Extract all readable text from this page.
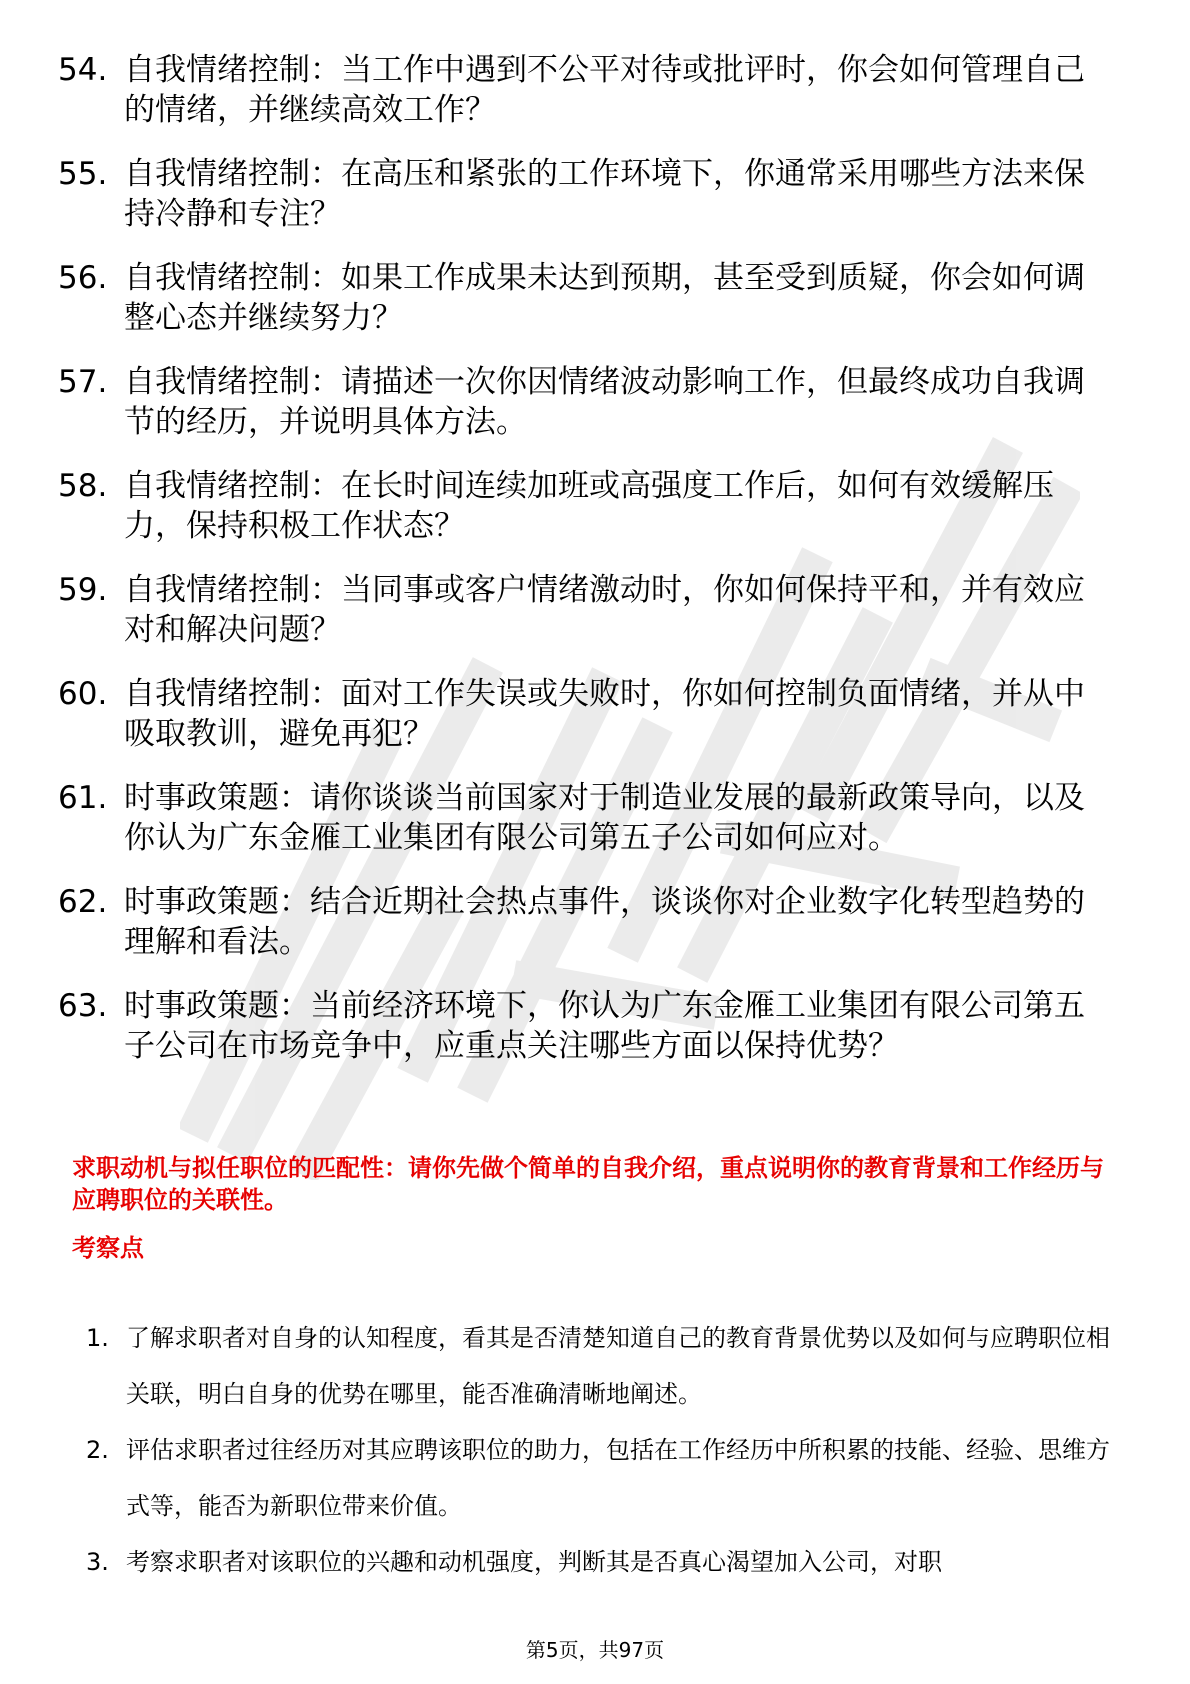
54. 自我情绪控制：当工作中遇到不公平对待或批评时，你会如何管理自己的情绪，并继续高效工作？
55. 自我情绪控制：在高压和紧张的工作环境下，你通常采用哪些方法来保持冷静和专注？
56. 自我情绪控制：如果工作成果未达到预期，甚至受到质疑，你会如何调整心态并继续努力？
57. 自我情绪控制：请描述一次你因情绪波动影响工作，但最终成功自我调节的经历，并说明具体方法。
58. 自我情绪控制：在长时间连续加班或高强度工作后，如何有效缓解压力，保持积极工作状态？
59. 自我情绪控制：当同事或客户情绪激动时，你如何保持平和，并有效应对和解决问题？
60. 自我情绪控制：面对工作失误或失败时，你如何控制负面情绪，并从中吸取教训，避免再犯？
61. 时事政策题：请你谈谈当前国家对于制造业发展的最新政策导向，以及你认为广东金雁工业集团有限公司第五子公司如何应对。
62. 时事政策题：结合近期社会热点事件，谈谈你对企业数字化转型趋势的理解和看法。
63. 时事政策题：当前经济环境下，你认为广东金雁工业集团有限公司第五子公司在市场竞争中，应重点关注哪些方面以保持优势？
求职动机与拟任职位的匹配性：请你先做个简单的自我介绍，重点说明你的教育背景和工作经历与应聘职位的关联性。
考察点
1. 了解求职者对自身的认知程度，看其是否清楚知道自己的教育背景优势以及如何与应聘职位相关联，明白自身的优势在哪里，能否准确清晰地阐述。
2. 评估求职者过往经历对其应聘该职位的助力，包括在工作经历中所积累的技能、经验、思维方式等，能否为新职位带来价值。
3. 考察求职者对该职位的兴趣和动机强度，判断其是否真心渴望加入公司，对职
第5页，共97页
